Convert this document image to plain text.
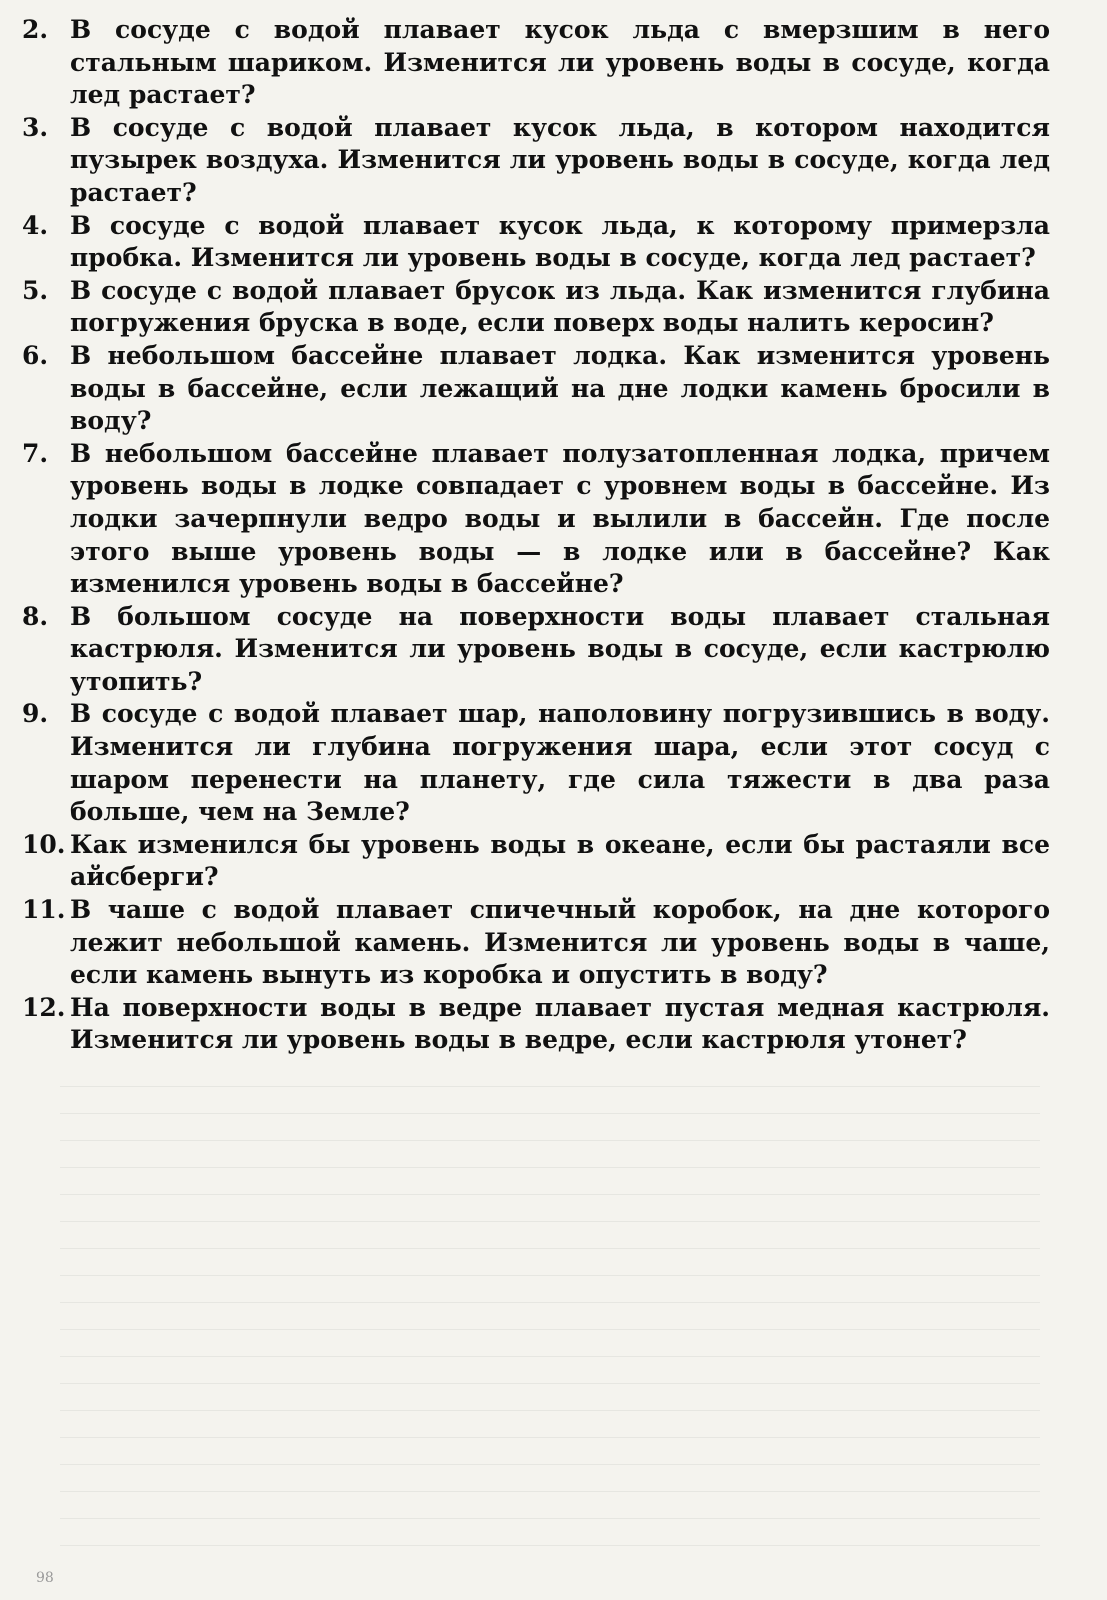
2. В сосуде с водой плавает кусок льда с вмерзшим в него стальным шариком. Изменится ли уровень воды в сосуде, когда лед растает?
3. В сосуде с водой плавает кусок льда, в котором находится пузырек воздуха. Изменится ли уровень воды в сосуде, когда лед растает?
4. В сосуде с водой плавает кусок льда, к которому примерзла пробка. Изменится ли уровень воды в сосуде, когда лед растает?
5. В сосуде с водой плавает брусок из льда. Как изменится глубина погружения бруска в воде, если поверх воды налить керосин?
6. В небольшом бассейне плавает лодка. Как изменится уровень воды в бассейне, если лежащий на дне лодки камень бросили в воду?
7. В небольшом бассейне плавает полузатопленная лодка, причем уровень воды в лодке совпадает с уровнем воды в бассейне. Из лодки зачерпнули ведро воды и вылили в бассейн. Где после этого выше уровень воды — в лодке или в бассейне? Как изменился уровень воды в бассейне?
8. В большом сосуде на поверхности воды плавает стальная кастрюля. Изменится ли уровень воды в сосуде, если кастрюлю утопить?
9. В сосуде с водой плавает шар, наполовину погрузившись в воду. Изменится ли глубина погружения шара, если этот сосуд с шаром перенести на планету, где сила тяжести в два раза больше, чем на Земле?
10. Как изменился бы уровень воды в океане, если бы растаяли все айсберги?
11. В чаше с водой плавает спичечный коробок, на дне которого лежит небольшой камень. Изменится ли уровень воды в чаше, если камень вынуть из коробка и опустить в воду?
12. На поверхности воды в ведре плавает пустая медная кастрюля. Изменится ли уровень воды в ведре, если кастрюля утонет?
98
